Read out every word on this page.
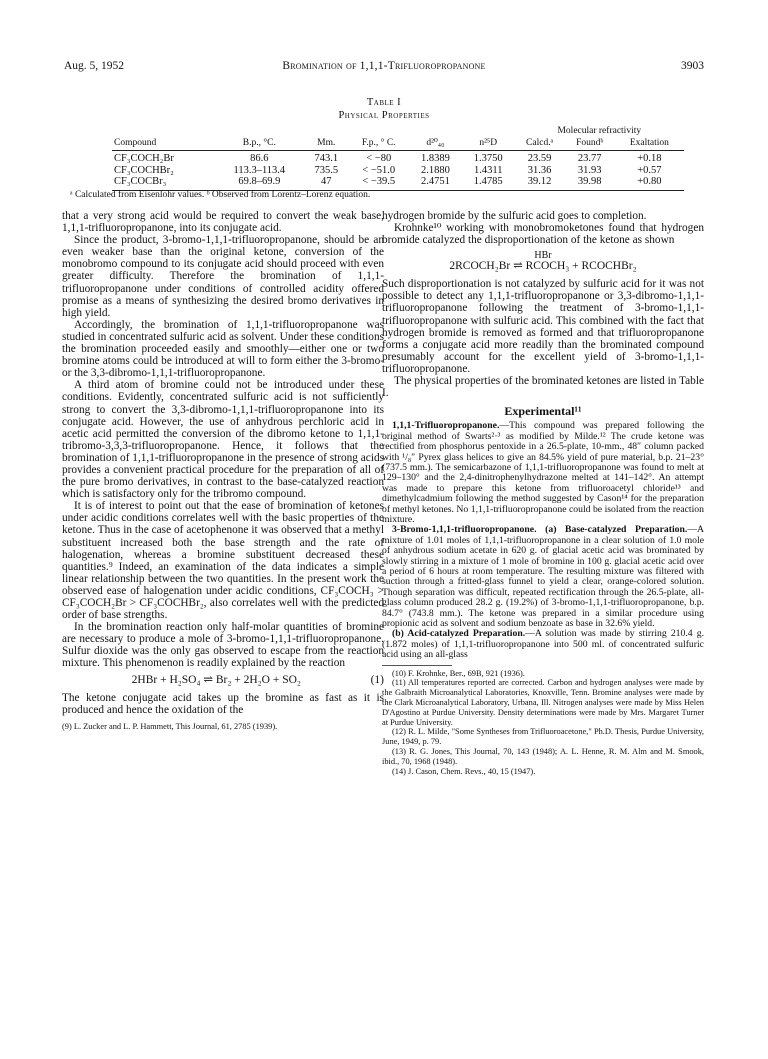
Aug. 5, 1952	Bromination of 1,1,1-Trifluoropropanone	3903
Table I
Physical Properties
						Molecular refractivity		
Compound	B.p., °C.	Mm.	F.p., ° C.	d²⁰₄₀	n²⁵D	Calcd.ᵃ	Foundᵇ	Exaltation
CF₃COCH₂Br	86.6	743.1	< −80	1.8389	1.3750	23.59	23.77	+0.18
CF₃COCHBr₂	113.3–113.4	735.5	< −51.0	2.1880	1.4311	31.36	31.93	+0.57
CF₃COCBr₃	69.8–69.9	47	< −39.5	2.4751	1.4785	39.12	39.98	+0.80
ᵃ Calculated from Eisenlohr values. ᵇ Observed from Lorentz–Lorenz equation.

that a very strong acid would be required to convert the weak base, 1,1,1-trifluoropropanone, into its conjugate acid.

Since the product, 3-bromo-1,1,1-trifluoropropanone, should be an even weaker base than the original ketone, conversion of the monobromo compound to its conjugate acid should proceed with even greater difficulty. Therefore the bromination of 1,1,1-trifluoropropanone under conditions of controlled acidity offered promise as a means of synthesizing the desired bromo derivatives in high yield.

Accordingly, the bromination of 1,1,1-trifluoropropanone was studied in concentrated sulfuric acid as solvent. Under these conditions the bromination proceeded easily and smoothly—either one or two bromine atoms could be introduced at will to form either the 3-bromo- or the 3,3-dibromo-1,1,1-trifluoropropanone.

A third atom of bromine could not be introduced under these conditions. Evidently, concentrated sulfuric acid is not sufficiently strong to convert the 3,3-dibromo-1,1,1-trifluoropropanone into its conjugate acid. However, the use of anhydrous perchloric acid in acetic acid permitted the conversion of the dibromo ketone to 1,1,1-tribromo-3,3,3-trifluoropropanone. Hence, it follows that the bromination of 1,1,1-trifluoropropanone in the presence of strong acids provides a convenient practical procedure for the preparation of all of the pure bromo derivatives, in contrast to the base-catalyzed reaction which is satisfactory only for the tribromo compound.

It is of interest to point out that the ease of bromination of ketones under acidic conditions correlates well with the basic properties of the ketone. Thus in the case of acetophenone it was observed that a methyl substituent increased both the base strength and the rate of halogenation, whereas a bromine substituent decreased these quantities.⁹ Indeed, an examination of the data indicates a simple linear relationship between the two quantities. In the present work the observed ease of halogenation under acidic conditions, CF₃COCH₃ > CF₃COCH₂Br > CF₃COCHBr₂, also correlates well with the predicted order of base strengths.

In the bromination reaction only half-molar quantities of bromine are necessary to produce a mole of 3-bromo-1,1,1-trifluoropropanone. Sulfur dioxide was the only gas observed to escape from the reaction mixture. This phenomenon is readily explained by the reaction

2HBr + H₂SO₄ ⇌ Br₂ + 2H₂O + SO₂	(1)

The ketone conjugate acid takes up the bromine as fast as it is produced and hence the oxidation of the

(9) L. Zucker and L. P. Hammett, This Journal, 61, 2785 (1939).

hydrogen bromide by the sulfuric acid goes to completion.

Krohnke¹⁰ working with monobromoketones found that hydrogen bromide catalyzed the disproportionation of the ketone as shown

HBr
2RCOCH₂Br ⇌ RCOCH₃ + RCOCHBr₂

Such disproportionation is not catalyzed by sulfuric acid for it was not possible to detect any 1,1,1-trifluoropropanone or 3,3-dibromo-1,1,1-trifluoropropanone following the treatment of 3-bromo-1,1,1-trifluoropropanone with sulfuric acid. This combined with the fact that hydrogen bromide is removed as formed and that trifluoropropanone forms a conjugate acid more readily than the brominated compound presumably account for the excellent yield of 3-bromo-1,1,1-trifluoropropanone.

The physical properties of the brominated ketones are listed in Table I.

Experimental¹¹

1,1,1-Trifluoropropanone.—This compound was prepared following the original method of Swarts²·³ as modified by Milde.¹² The crude ketone was rectified from phosphorus pentoxide in a 26.5-plate, 10-mm., 48″ column packed with ¹/₈″ Pyrex glass helices to give an 84.5% yield of pure material, b.p. 21–23° (737.5 mm.). The semicarbazone of 1,1,1-trifluoropropanone was found to melt at 129–130° and the 2,4-dinitrophenylhydrazone melted at 141–142°. An attempt was made to prepare this ketone from trifluoroacetyl chloride¹³ and dimethylcadmium following the method suggested by Cason¹⁴ for the preparation of methyl ketones. No 1,1,1-trifluoropropanone could be isolated from the reaction mixture.

3-Bromo-1,1,1-trifluoropropanone. (a) Base-catalyzed Preparation.—A mixture of 1.01 moles of 1,1,1-trifluoropropanone in a clear solution of 1.0 mole of anhydrous sodium acetate in 620 g. of glacial acetic acid was brominated by slowly stirring in a mixture of 1 mole of bromine in 100 g. glacial acetic acid over a period of 6 hours at room temperature. The resulting mixture was filtered with suction through a fritted-glass funnel to yield a clear, orange-colored solution. Though separation was difficult, repeated rectification through the 26.5-plate, all-glass column produced 28.2 g. (19.2%) of 3-bromo-1,1,1-trifluoropropanone, b.p. 84.7° (743.8 mm.). The ketone was prepared in a similar procedure using propionic acid as solvent and sodium benzoate as base in 32.6% yield.

(b) Acid-catalyzed Preparation.—A solution was made by stirring 210.4 g. (1.872 moles) of 1,1,1-trifluoropropanone into 500 ml. of concentrated sulfuric acid using an all-glass

(10) F. Krohnke, Ber., 69B, 921 (1936).

(11) All temperatures reported are corrected. Carbon and hydrogen analyses were made by the Galbraith Microanalytical Laboratories, Knoxville, Tenn. Bromine analyses were made by the Clark Microanalytical Laboratory, Urbana, Ill. Nitrogen analyses were made by Miss Helen D'Agostino at Purdue University. Density determinations were made by Mrs. Margaret Turner at Purdue University.

(12) R. L. Milde, "Some Syntheses from Trifluoroacetone," Ph.D. Thesis, Purdue University, June, 1949, p. 79.

(13) R. G. Jones, This Journal, 70, 143 (1948); A. L. Henne, R. M. Alm and M. Smook, ibid., 70, 1968 (1948).

(14) J. Cason, Chem. Revs., 40, 15 (1947).
